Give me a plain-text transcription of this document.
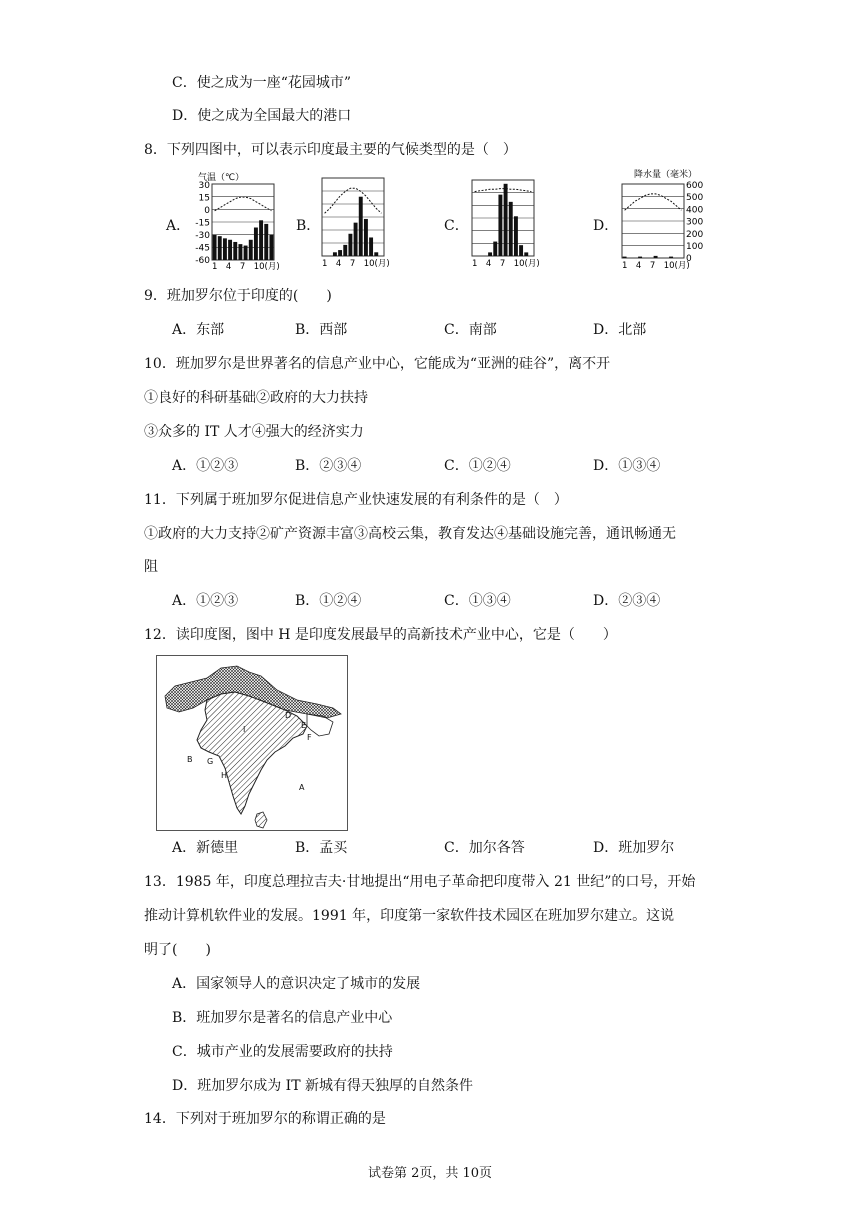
C．使之成为一座“花园城市”
D．使之成为全国最大的港口
8．下列四图中，可以表示印度最主要的气候类型的是（　）
A．	B．	C．	D．
气温（℃）
30
15
0
-15
-30
-45
-60
1　4　7　10(月)	1　4　7　10(月)	1　4　7　10(月)
降水量（毫米）
600
500
400
300
200
100
0
1　4　7　10(月)
9．班加罗尔位于印度的(　　)
A．东部	B．西部	C．南部	D．北部
10．班加罗尔是世界著名的信息产业中心，它能成为“亚洲的硅谷”，离不开
①良好的科研基础②政府的大力扶持
③众多的 IT 人才④强大的经济实力
A．①②③	B．②③④	C．①②④	D．①③④
11．下列属于班加罗尔促进信息产业快速发展的有利条件的是（　）
①政府的大力支持②矿产资源丰富③高校云集，教育发达④基础设施完善，通讯畅通无
阻
A．①②③	B．①②④	C．①③④	D．②③④
12．读印度图，图中 H 是印度发展最早的高新技术产业中心，它是（　　）
B G
H
I
D
E
F
A
A．新德里	B．孟买	C．加尔各答	D．班加罗尔
13．1985 年，印度总理拉吉夫·甘地提出“用电子革命把印度带入 21 世纪”的口号，开始
推动计算机软件业的发展。1991 年，印度第一家软件技术园区在班加罗尔建立。这说
明了(　　)
A．国家领导人的意识决定了城市的发展
B．班加罗尔是著名的信息产业中心
C．城市产业的发展需要政府的扶持
D．班加罗尔成为 IT 新城有得天独厚的自然条件
14．下列对于班加罗尔的称谓正确的是
试卷第 2页，共 10页
